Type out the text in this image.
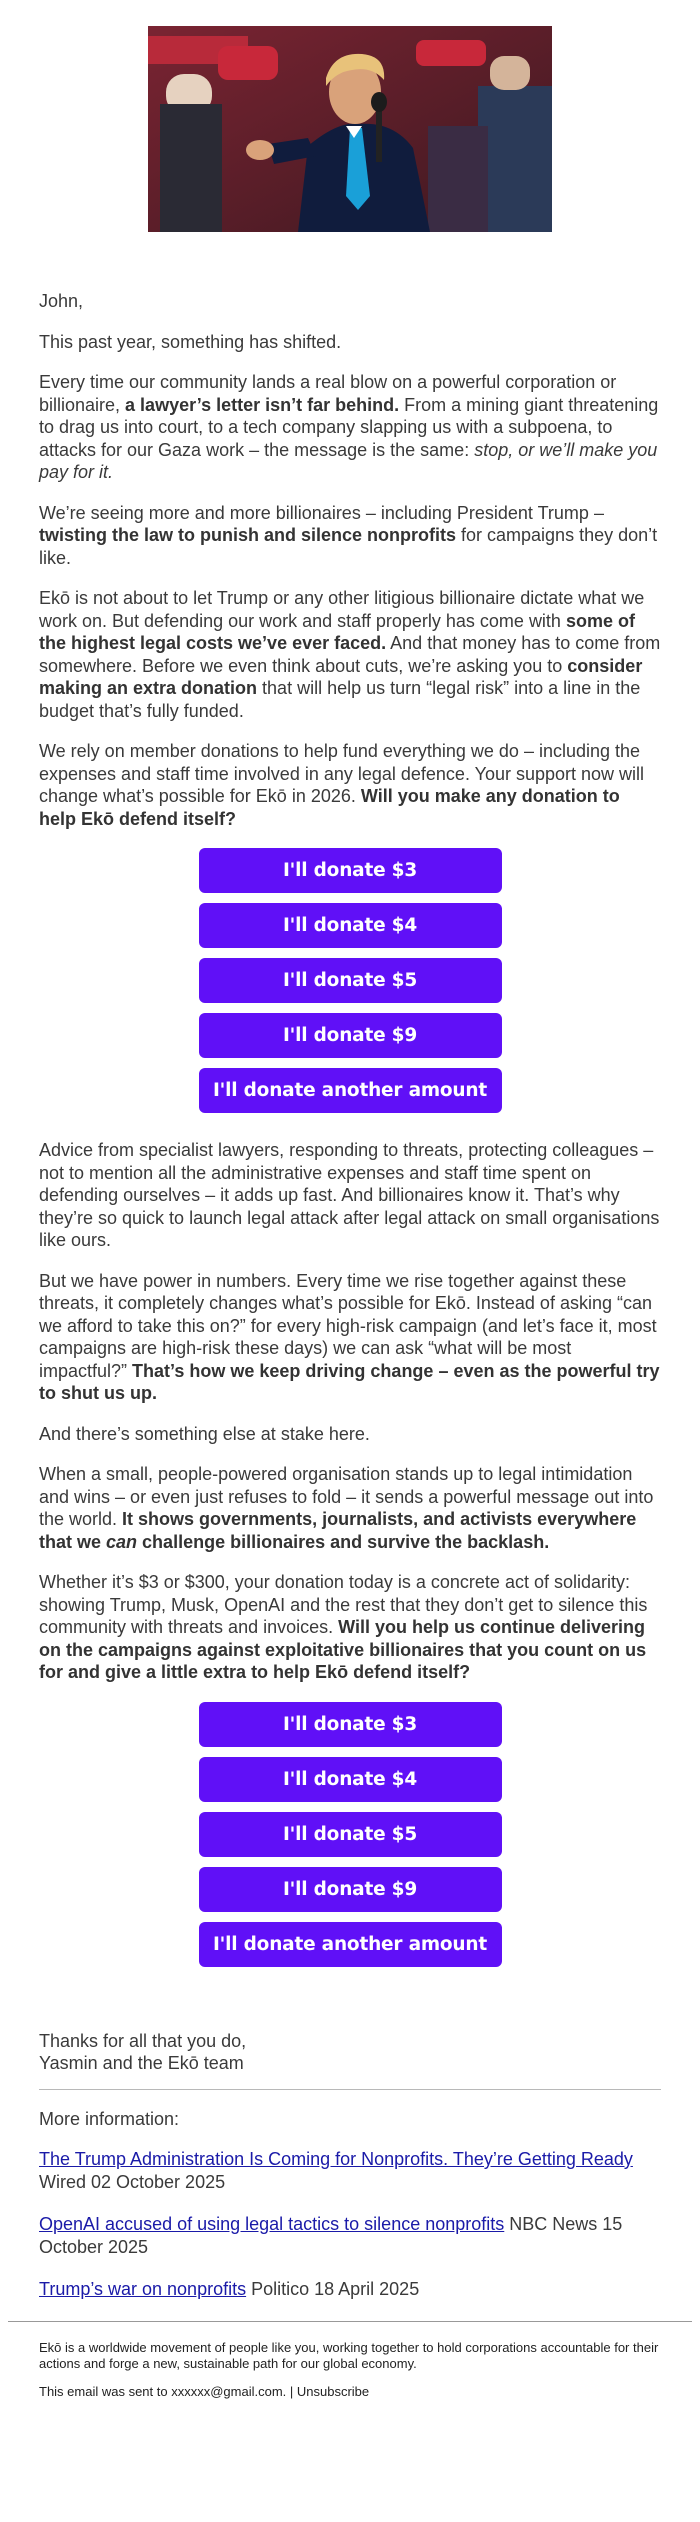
John,

This past year, something has shifted.

Every time our community lands a real blow on a powerful corporation or billionaire, a lawyer’s letter isn’t far behind. From a mining giant threatening to drag us into court, to a tech company slapping us with a subpoena, to attacks for our Gaza work – the message is the same: stop, or we’ll make you pay for it.

We’re seeing more and more billionaires – including President Trump – twisting the law to punish and silence nonprofits for campaigns they don’t like.

Ekō is not about to let Trump or any other litigious billionaire dictate what we work on. But defending our work and staff properly has come with some of the highest legal costs we’ve ever faced. And that money has to come from somewhere. Before we even think about cuts, we’re asking you to consider making an extra donation that will help us turn “legal risk” into a line in the budget that’s fully funded.

We rely on member donations to help fund everything we do – including the expenses and staff time involved in any legal defence. Your support now will change what’s possible for Ekō in 2026. Will you make any donation to help Ekō defend itself?

I'll donate $3
I'll donate $4
I'll donate $5
I'll donate $9
I'll donate another amount

Advice from specialist lawyers, responding to threats, protecting colleagues – not to mention all the administrative expenses and staff time spent on defending ourselves – it adds up fast. And billionaires know it. That’s why they’re so quick to launch legal attack after legal attack on small organisations like ours.

But we have power in numbers. Every time we rise together against these threats, it completely changes what’s possible for Ekō. Instead of asking “can we afford to take this on?” for every high-risk campaign (and let’s face it, most campaigns are high-risk these days) we can ask “what will be most impactful?” That’s how we keep driving change – even as the powerful try to shut us up.

And there’s something else at stake here.

When a small, people-powered organisation stands up to legal intimidation and wins – or even just refuses to fold – it sends a powerful message out into the world. It shows governments, journalists, and activists everywhere that we can challenge billionaires and survive the backlash.

Whether it’s $3 or $300, your donation today is a concrete act of solidarity: showing Trump, Musk, OpenAI and the rest that they don’t get to silence this community with threats and invoices. Will you help us continue delivering on the campaigns against exploitative billionaires that you count on us for and give a little extra to help Ekō defend itself?

I'll donate $3
I'll donate $4
I'll donate $5
I'll donate $9
I'll donate another amount

Thanks for all that you do,
Yasmin and the Ekō team

More information:

The Trump Administration Is Coming for Nonprofits. They’re Getting Ready Wired 02 October 2025

OpenAI accused of using legal tactics to silence nonprofits NBC News 15 October 2025

Trump’s war on nonprofits Politico 18 April 2025

Ekō is a worldwide movement of people like you, working together to hold corporations accountable for their actions and forge a new, sustainable path for our global economy.

This email was sent to xxxxxx@gmail.com. | Unsubscribe
